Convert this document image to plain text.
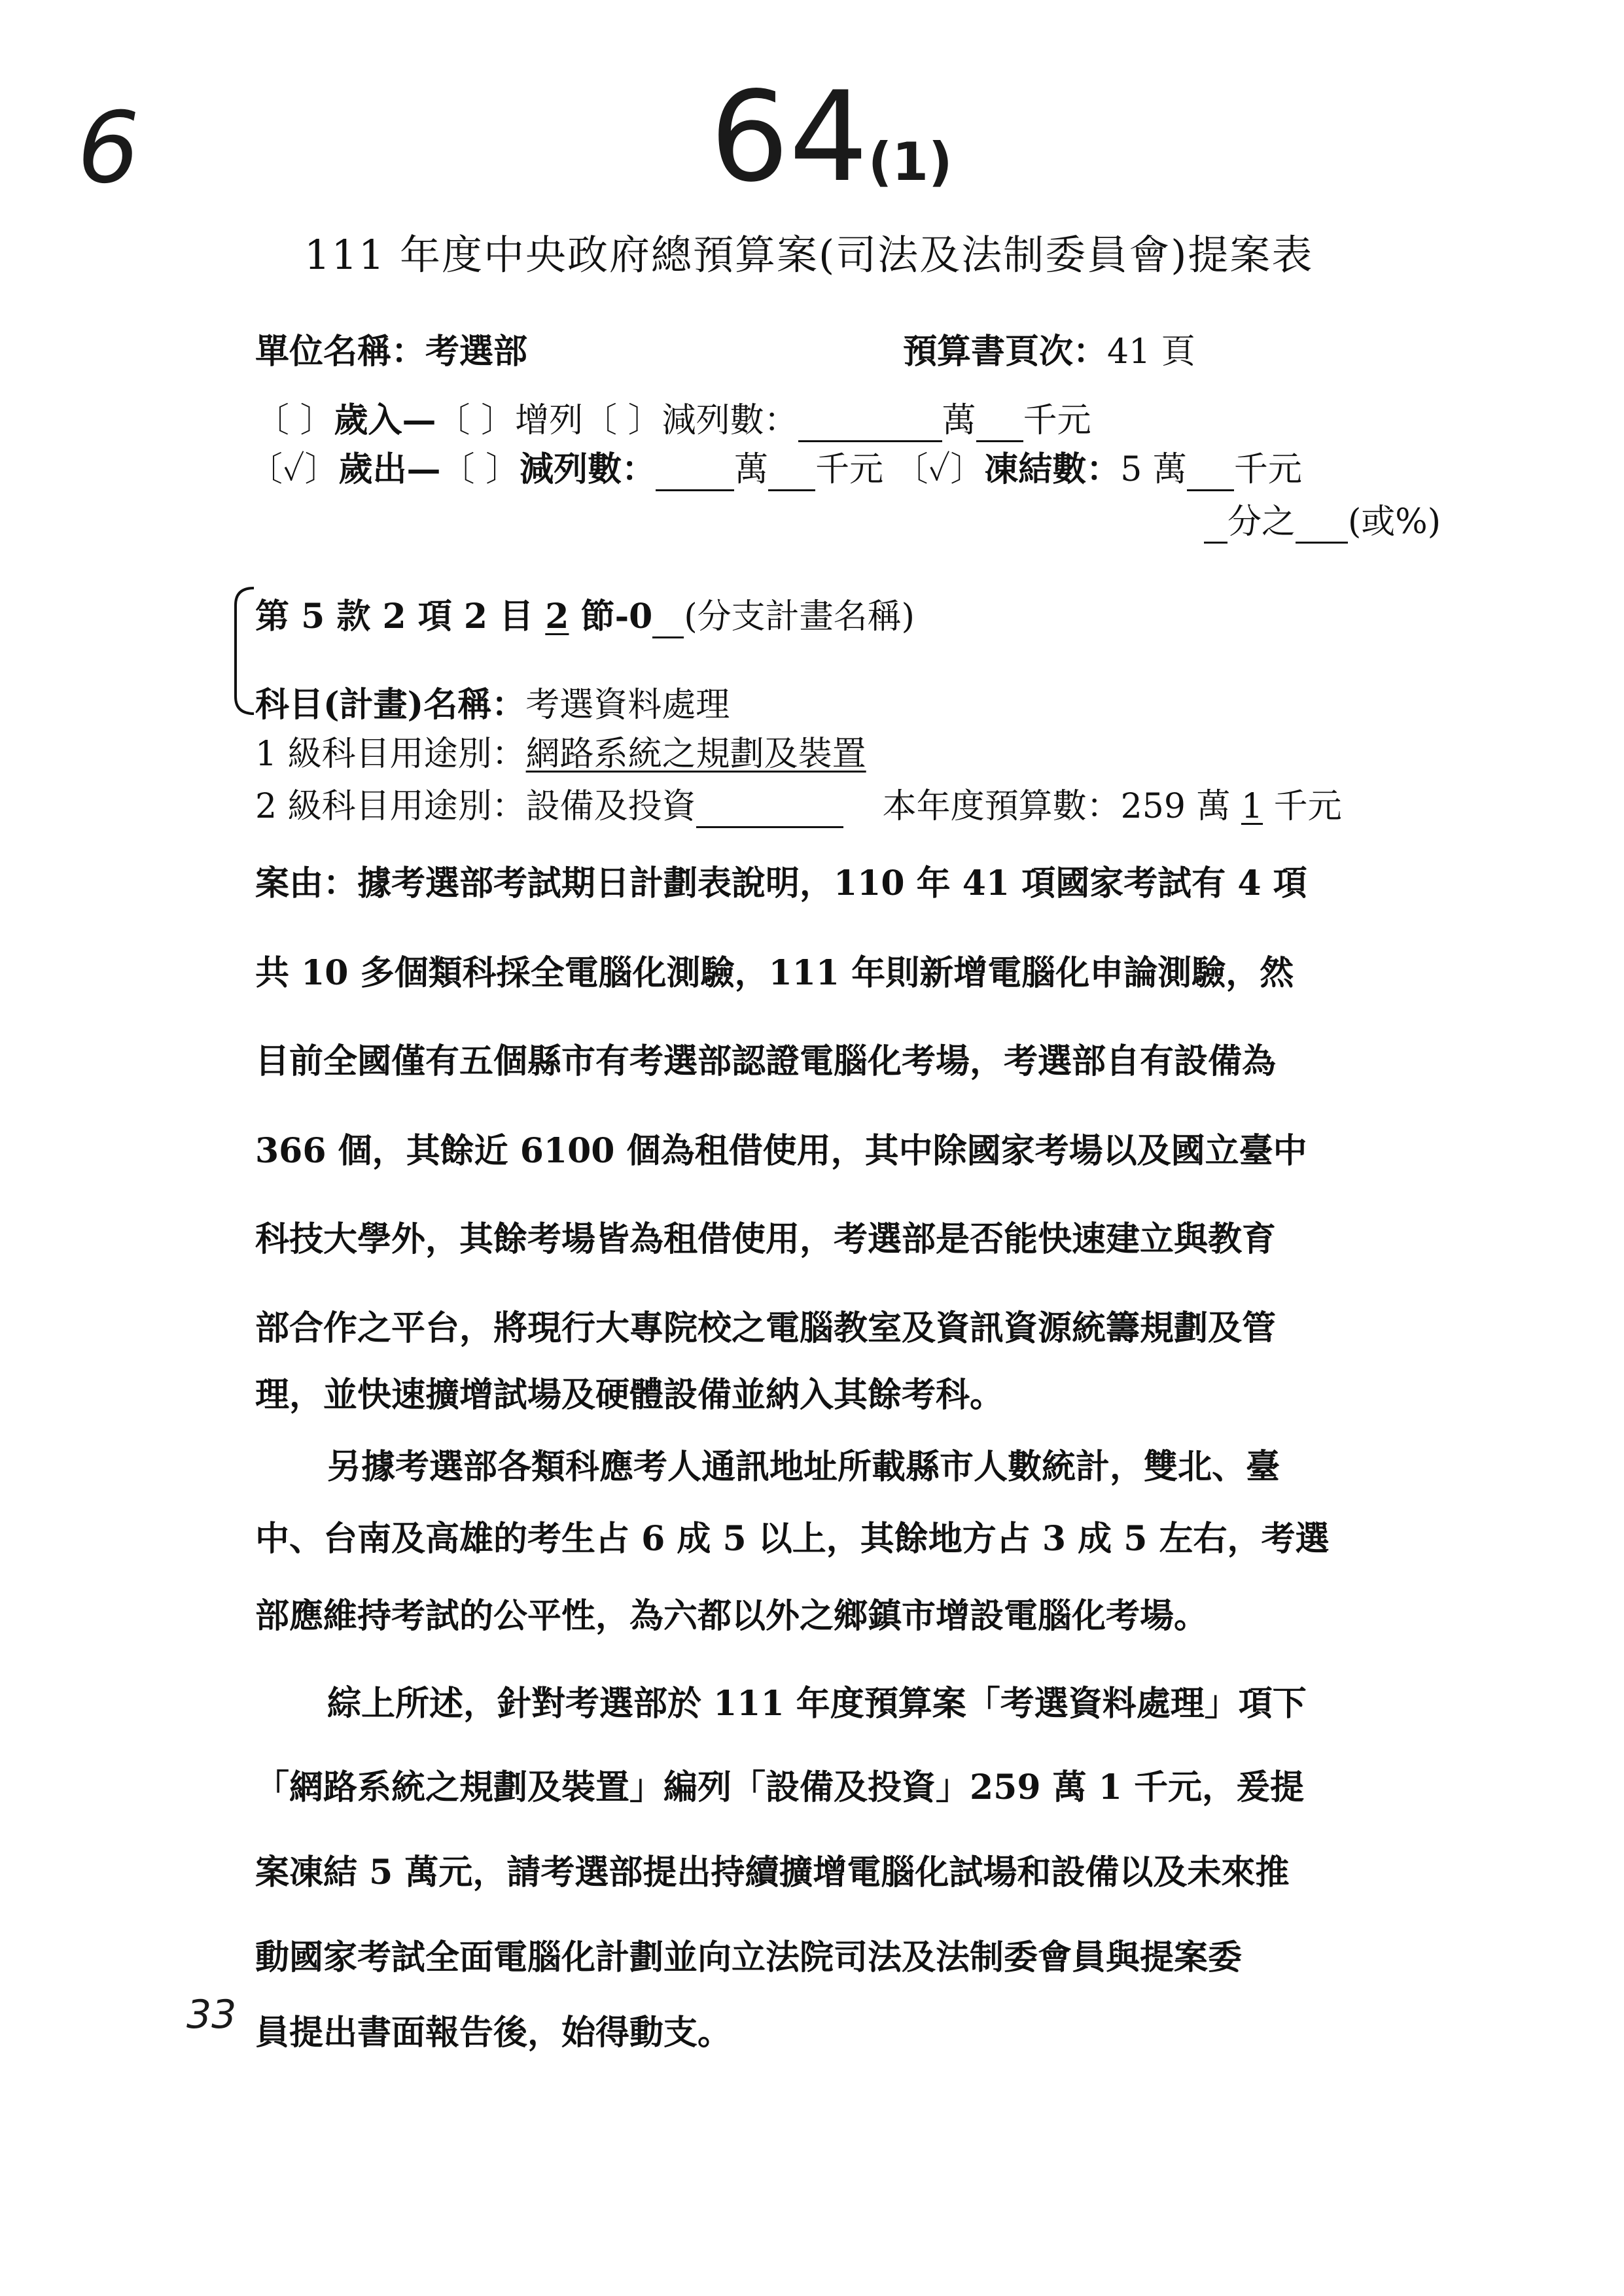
6	64(1)
33
111 年度中央政府總預算案(司法及法制委員會)提案表
單位名稱：考選部	預算書頁次：41 頁
〔 〕歲入—〔 〕增列〔 〕減列數：	萬 千元
〔✓〕歲出—〔 〕減列數： 萬 千元 〔✓〕凍結數：5 萬 千元
分之 (或%)
第 5 款 2 項 2 目 2 節-0 (分支計畫名稱)
科目(計畫)名稱：考選資料處理
1 級科目用途別：網路系統之規劃及裝置
2 級科目用途別：設備及投資	本年度預算數：259 萬 1 千元
案由：據考選部考試期日計劃表說明，110 年 41 項國家考試有 4 項
共 10 多個類科採全電腦化測驗，111 年則新增電腦化申論測驗，然
目前全國僅有五個縣市有考選部認證電腦化考場，考選部自有設備為
366 個，其餘近 6100 個為租借使用，其中除國家考場以及國立臺中
科技大學外，其餘考場皆為租借使用，考選部是否能快速建立與教育
部合作之平台，將現行大專院校之電腦教室及資訊資源統籌規劃及管
理，並快速擴增試場及硬體設備並納入其餘考科。
另據考選部各類科應考人通訊地址所載縣市人數統計，雙北、臺
中、台南及高雄的考生占 6 成 5 以上，其餘地方占 3 成 5 左右，考選
部應維持考試的公平性，為六都以外之鄉鎮市增設電腦化考場。
綜上所述，針對考選部於 111 年度預算案「考選資料處理」項下
「網路系統之規劃及裝置」編列「設備及投資」259 萬 1 千元，爰提
案凍結 5 萬元，請考選部提出持續擴增電腦化試場和設備以及未來推
動國家考試全面電腦化計劃並向立法院司法及法制委會員與提案委
員提出書面報告後，始得動支。
